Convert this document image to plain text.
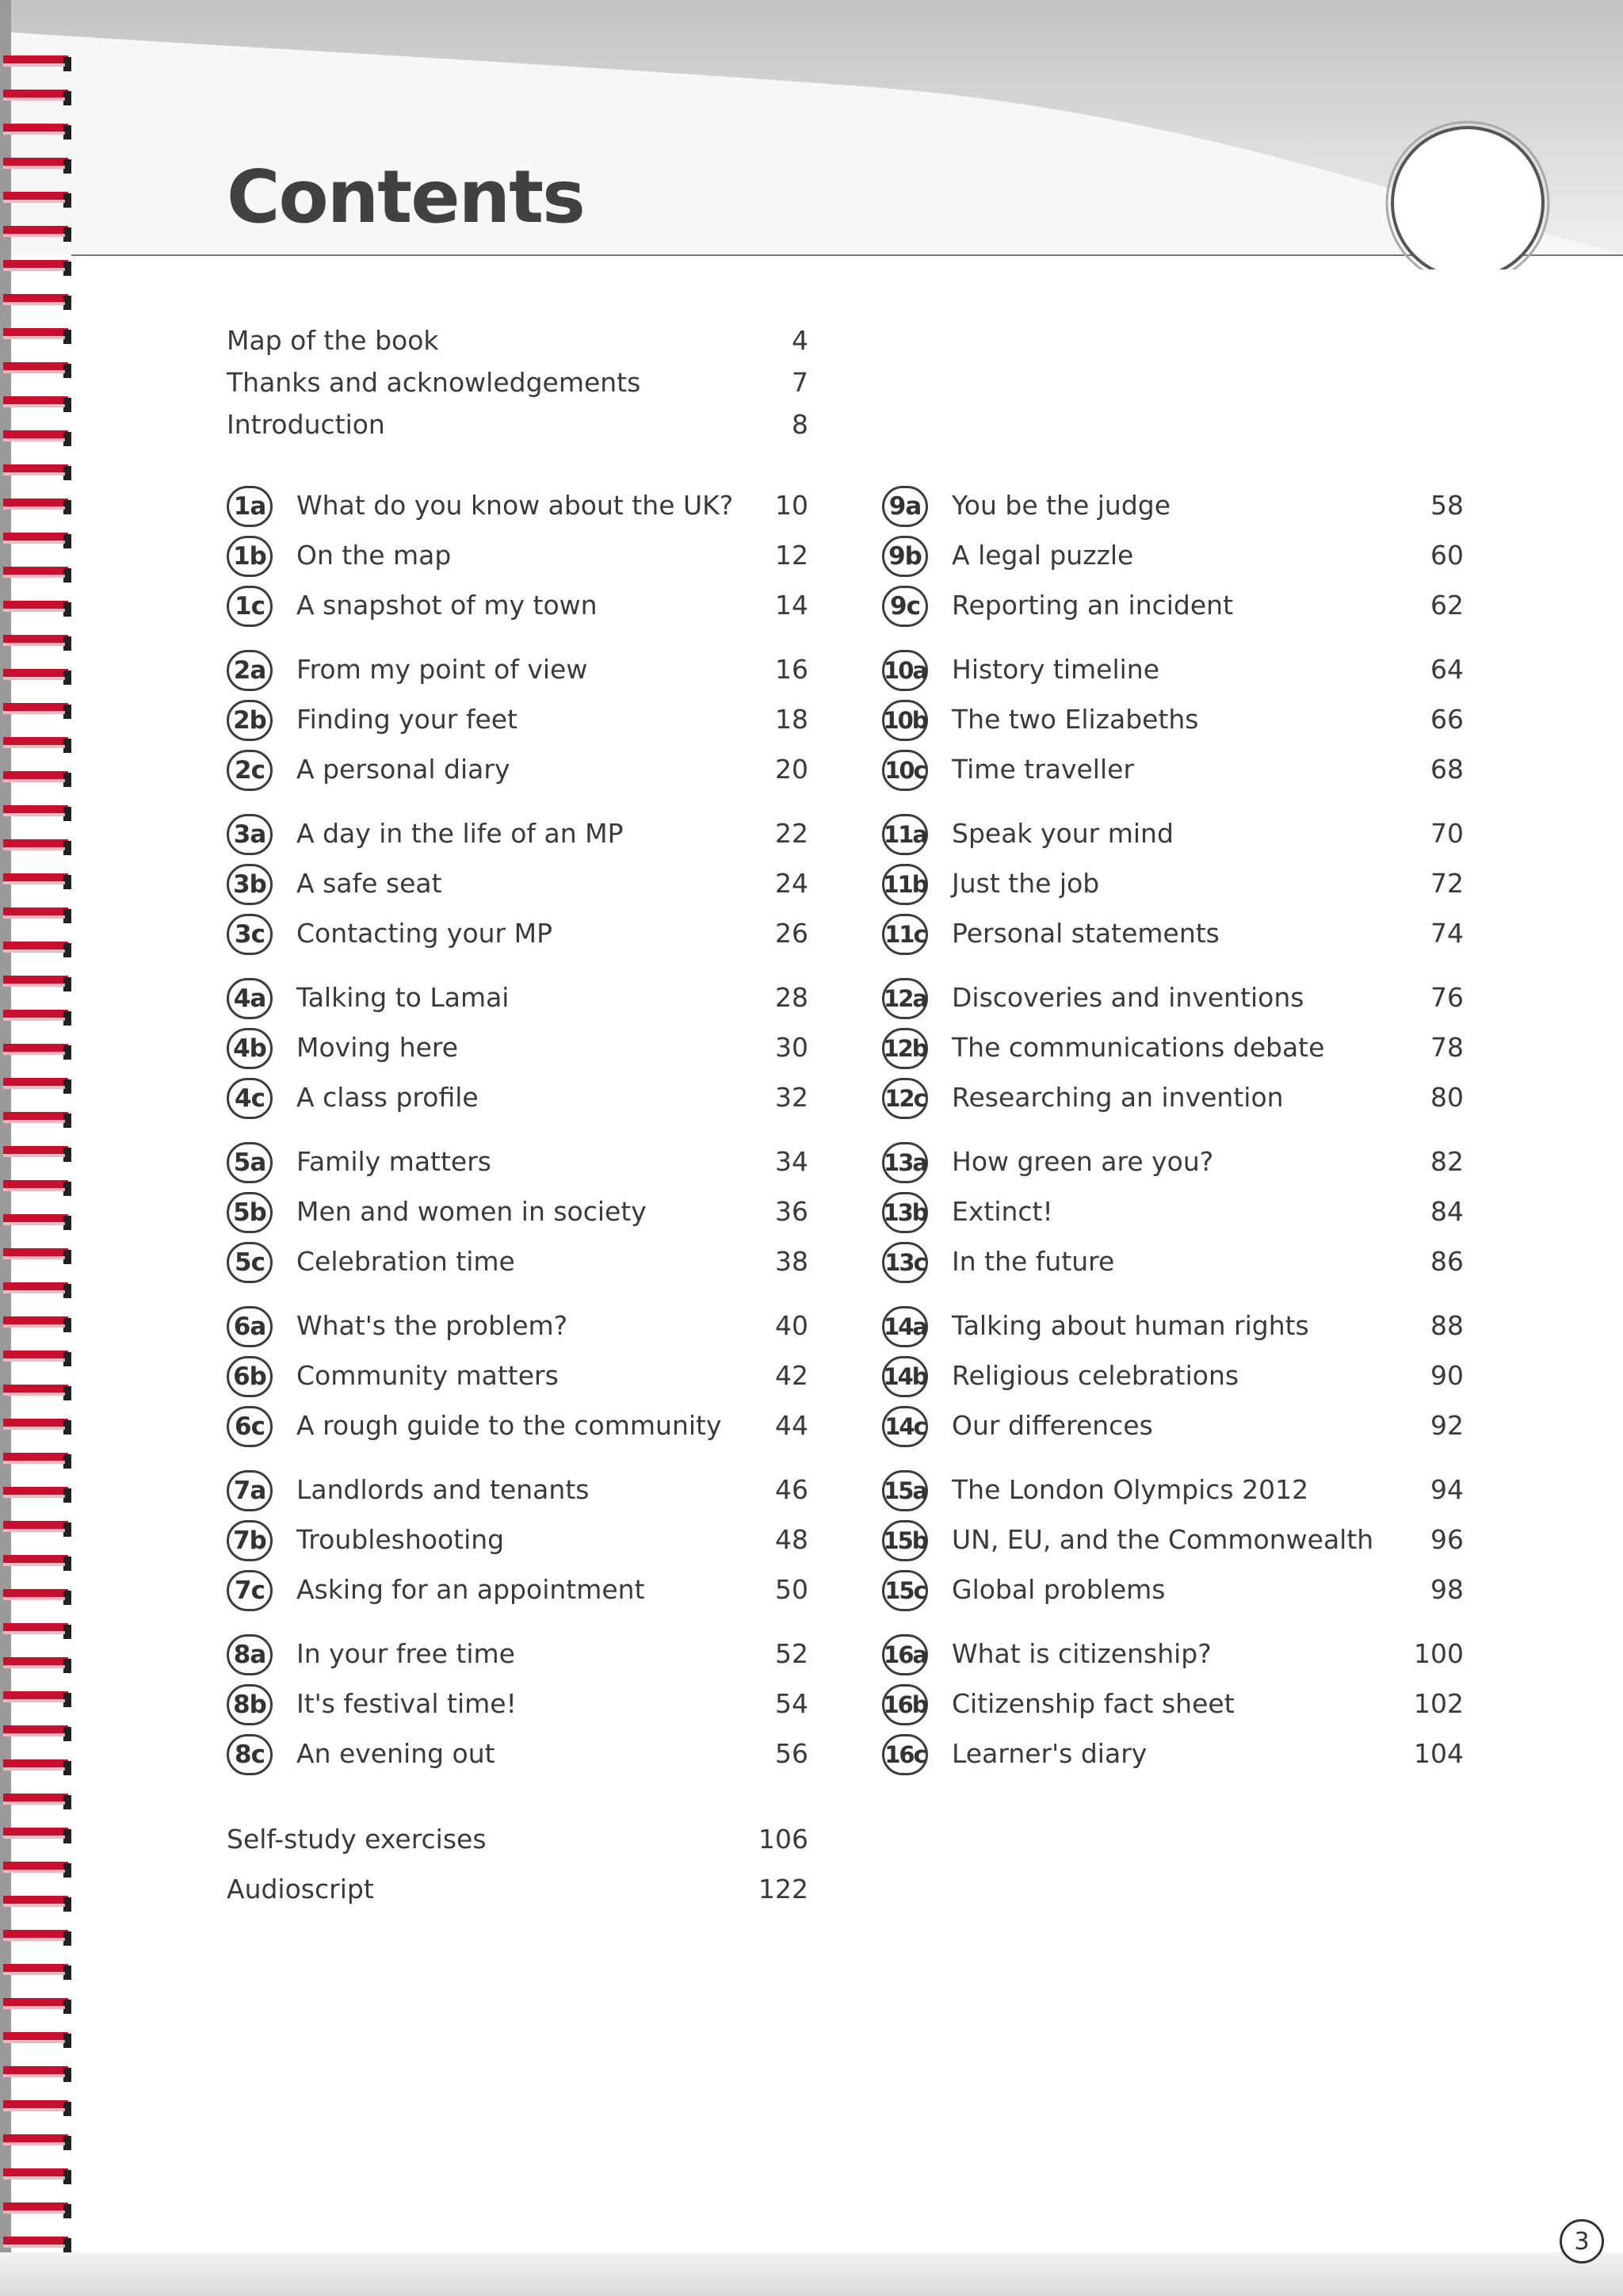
Contents
Map of the book	4
Thanks and acknowledgements	7
Introduction	8
1a What do you know about the UK?	10
1b On the map	12
1c	A snapshot of my town	14
2a From my point of view	16
2b Finding your feet	18
2c	A personal diary	20
3a A day in the life of an MP	22
3b A safe seat	24
3c	Contacting your MP	26
4a Talking to Lamai	28
4b Moving here	30
4c	A class profile	32
5a Family matters	34
5b Men and women in society	36
5c	Celebration time	38
6a What's the problem?	40
6b Community matters	42
6c	A rough guide to the community	44
7a Landlords and tenants	46
7b Troubleshooting	48
7c	Asking for an appointment	50
8a In your free time	52
8b It's festival time!	54
8c	An evening out	56
9a You be the judge	58
9b A legal puzzle	60
9c	Reporting an incident	62
10a History timeline	64
10b The two Elizabeths	66
10c Time traveller	68
11a Speak your mind	70
11b Just the job	72
11c Personal statements	74
12a Discoveries and inventions	76
12b The communications debate	78
12c Researching an invention	80
13a How green are you?	82
13b Extinct!	84
13c In the future	86
14a Talking about human rights	88
14b Religious celebrations	90
14c Our differences	92
15a The London Olympics 2012	94
15b UN, EU, and the Commonwealth	96
15c Global problems	98
16a What is citizenship?	100
16b Citizenship fact sheet	102
16c Learner's diary	104
Self-study exercises	106
Audioscript	122
3
